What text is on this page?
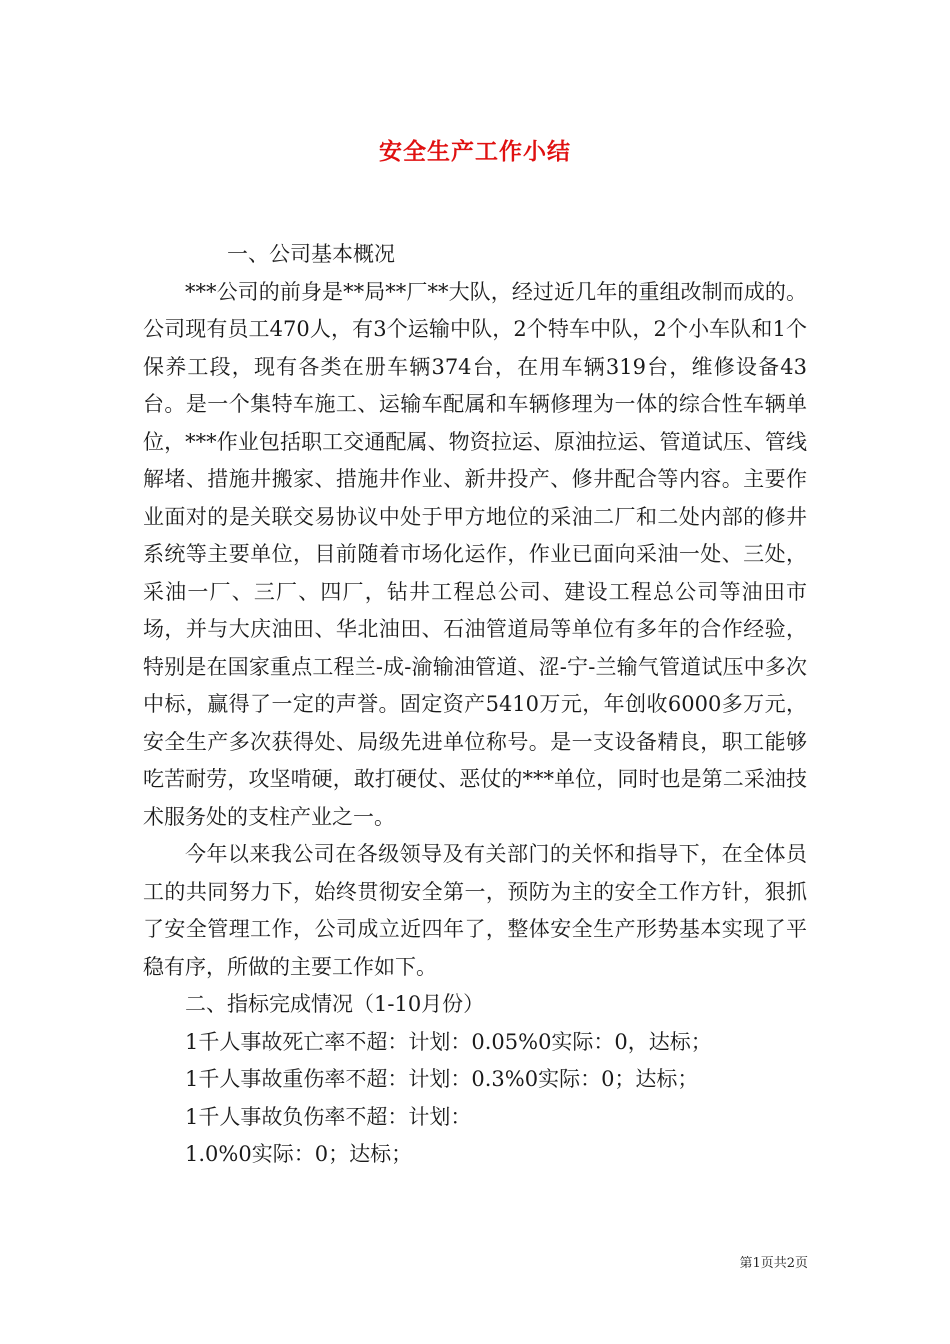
安全生产工作小结

一、公司基本概况

***公司的前身是**局**厂**大队，经过近几年的重组改制而成的。公司现有员工470人，有3个运输中队，2个特车中队，2个小车队和1个保养工段，现有各类在册车辆374台，在用车辆319台，维修设备43台。是一个集特车施工、运输车配属和车辆修理为一体的综合性车辆单位，***作业包括职工交通配属、物资拉运、原油拉运、管道试压、管线解堵、措施井搬家、措施井作业、新井投产、修井配合等内容。主要作业面对的是关联交易协议中处于甲方地位的采油二厂和二处内部的修井系统等主要单位，目前随着市场化运作，作业已面向采油一处、三处，采油一厂、三厂、四厂，钻井工程总公司、建设工程总公司等油田市场，并与大庆油田、华北油田、石油管道局等单位有多年的合作经验，特别是在国家重点工程兰-成-渝输油管道、涩-宁-兰输气管道试压中多次中标，赢得了一定的声誉。固定资产5410万元，年创收6000多万元，安全生产多次获得处、局级先进单位称号。是一支设备精良，职工能够吃苦耐劳，攻坚啃硬，敢打硬仗、恶仗的***单位，同时也是第二采油技术服务处的支柱产业之一。

今年以来我公司在各级领导及有关部门的关怀和指导下，在全体员工的共同努力下，始终贯彻安全第一，预防为主的安全工作方针，狠抓了安全管理工作，公司成立近四年了，整体安全生产形势基本实现了平稳有序，所做的主要工作如下。

二、指标完成情况（1-10月份）

1千人事故死亡率不超：计划：0.05%0实际：0，达标；

1千人事故重伤率不超：计划：0.3%0实际：0；达标；

1千人事故负伤率不超：计划：

1.0%0实际：0；达标；

第1页共2页
